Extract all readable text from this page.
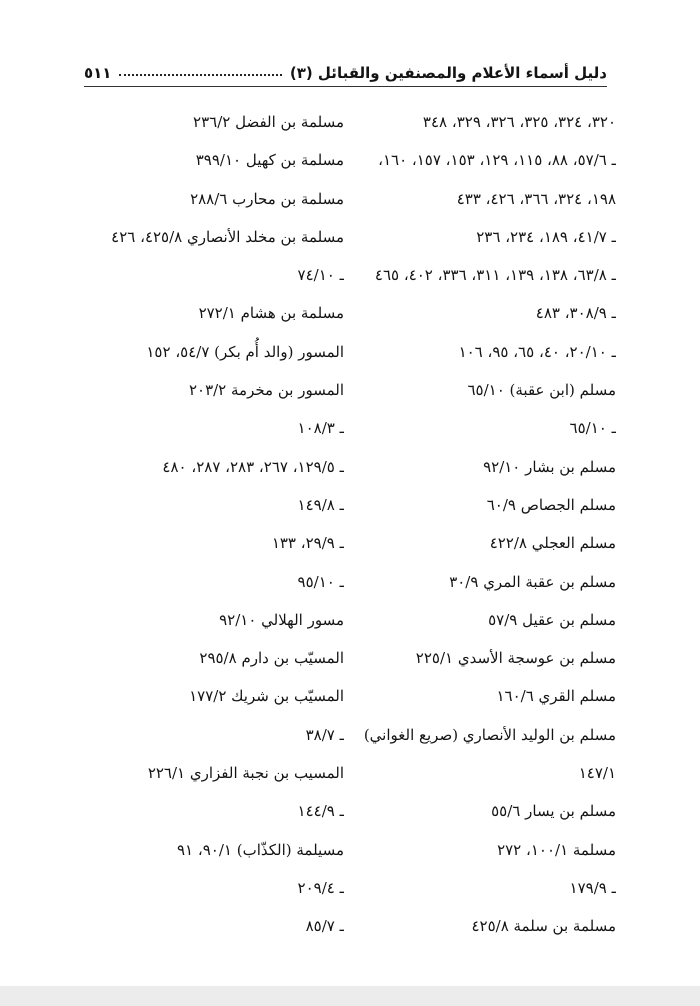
دليل أسماء الأعلام والمصنفين والقبائل (٣)
٥١١
٣٢٠، ٣٢٤، ٣٢٥، ٣٢٦، ٣٢٩، ٣٤٨
ـ ٥٧/٦، ٨٨، ١١٥، ١٢٩، ١٥٣، ١٥٧، ١٦٠،
١٩٨، ٣٢٤، ٣٦٦، ٤٢٦، ٤٣٣
ـ ٤١/٧، ١٨٩، ٢٣٤، ٢٣٦
ـ ٦٣/٨، ١٣٨، ١٣٩، ٣١١، ٣٣٦، ٤٠٢، ٤٦٥
ـ ٣٠٨/٩، ٤٨٣
ـ ٢٠/١٠، ٤٠، ٦٥، ٩٥، ١٠٦
مسلم (ابن عقبة) ٦٥/١٠
ـ ٦٥/١٠
مسلم بن بشار ٩٢/١٠
مسلم الجصاص ٦٠/٩
مسلم العجلي ٤٢٢/٨
مسلم بن عقبة المري ٣٠/٩
مسلم بن عقيل ٥٧/٩
مسلم بن عوسجة الأسدي ٢٢٥/١
مسلم القري ١٦٠/٦
مسلم بن الوليد الأنصاري (صريع الغواني)
١٤٧/١
مسلم بن يسار ٥٥/٦
مسلمة ١٠٠/١، ٢٧٢
ـ ١٧٩/٩
مسلمة بن سلمة ٤٢٥/٨
مسلمة بن الفضل ٢٣٦/٢
مسلمة بن كهيل ٣٩٩/١٠
مسلمة بن محارب ٢٨٨/٦
مسلمة بن مخلد الأنصاري ٤٢٥/٨، ٤٢٦
ـ ٧٤/١٠
مسلمة بن هشام ٢٧٢/١
المسور (والد أُم بكر) ٥٤/٧، ١٥٢
المسور بن مخرمة ٢٠٣/٢
ـ ١٠٨/٣
ـ ١٢٩/٥، ٢٦٧، ٢٨٣، ٢٨٧، ٤٨٠
ـ ١٤٩/٨
ـ ٢٩/٩، ١٣٣
ـ ٩٥/١٠
مسور الهلالي ٩٢/١٠
المسيّب بن دارم ٢٩٥/٨
المسيّب بن شريك ١٧٧/٢
ـ ٣٨/٧
المسيب بن نجبة الفزاري ٢٢٦/١
ـ ١٤٤/٩
مسيلمة (الكذّاب) ٩٠/١، ٩١
ـ ٢٠٩/٤
ـ ٨٥/٧
